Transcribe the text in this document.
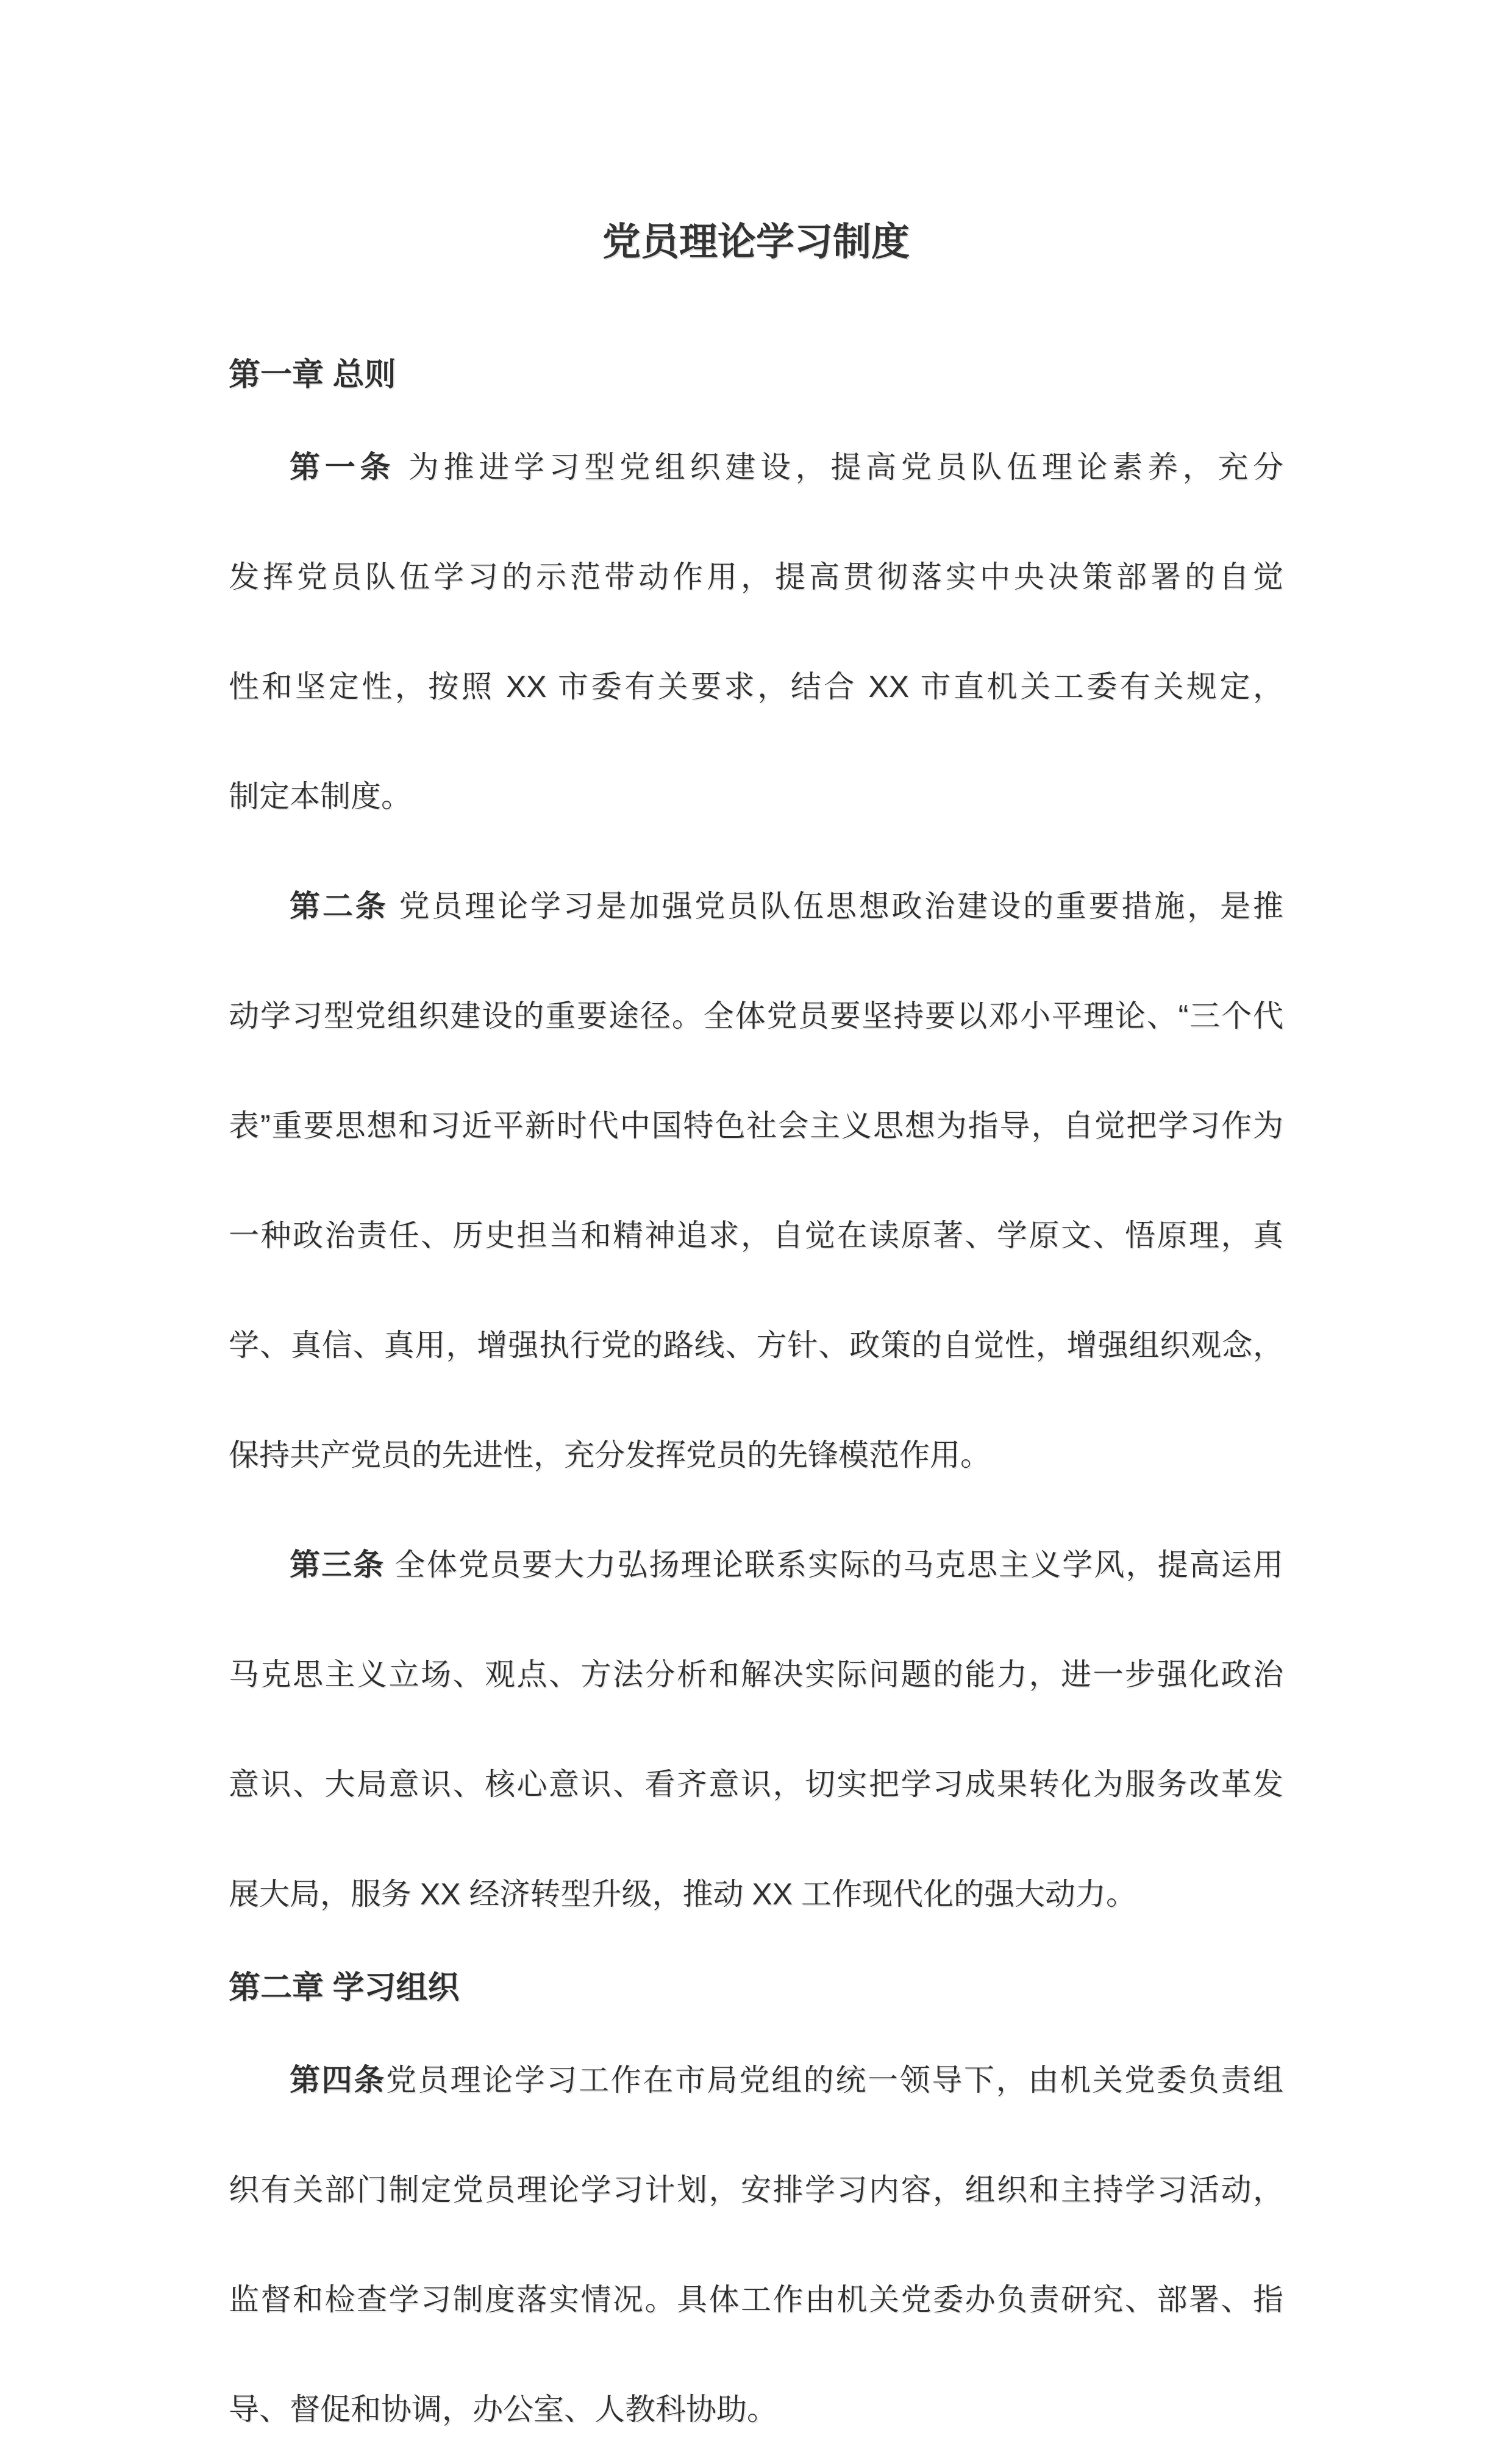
党员理论学习制度
第一章 总则

第一条 为推进学习型党组织建设，提高党员队伍理论素养，充分

发挥党员队伍学习的示范带动作用，提高贯彻落实中央决策部署的自觉

性和坚定性，按照 XX 市委有关要求，结合 XX 市直机关工委有关规定，

制定本制度。

第二条 党员理论学习是加强党员队伍思想政治建设的重要措施，是推

动学习型党组织建设的重要途径。全体党员要坚持要以邓小平理论、“三个代

表”重要思想和习近平新时代中国特色社会主义思想为指导，自觉把学习作为

一种政治责任、历史担当和精神追求，自觉在读原著、学原文、悟原理，真

学、真信、真用，增强执行党的路线、方针、政策的自觉性，增强组织观念，

保持共产党员的先进性，充分发挥党员的先锋模范作用。

第三条 全体党员要大力弘扬理论联系实际的马克思主义学风，提高运用

马克思主义立场、观点、方法分析和解决实际问题的能力，进一步强化政治

意识、大局意识、核心意识、看齐意识，切实把学习成果转化为服务改革发

展大局，服务 XX 经济转型升级，推动 XX 工作现代化的强大动力。

第二章 学习组织

第四条党员理论学习工作在市局党组的统一领导下，由机关党委负责组

织有关部门制定党员理论学习计划，安排学习内容，组织和主持学习活动，

监督和检查学习制度落实情况。具体工作由机关党委办负责研究、部署、指

导、督促和协调，办公室、人教科协助。
